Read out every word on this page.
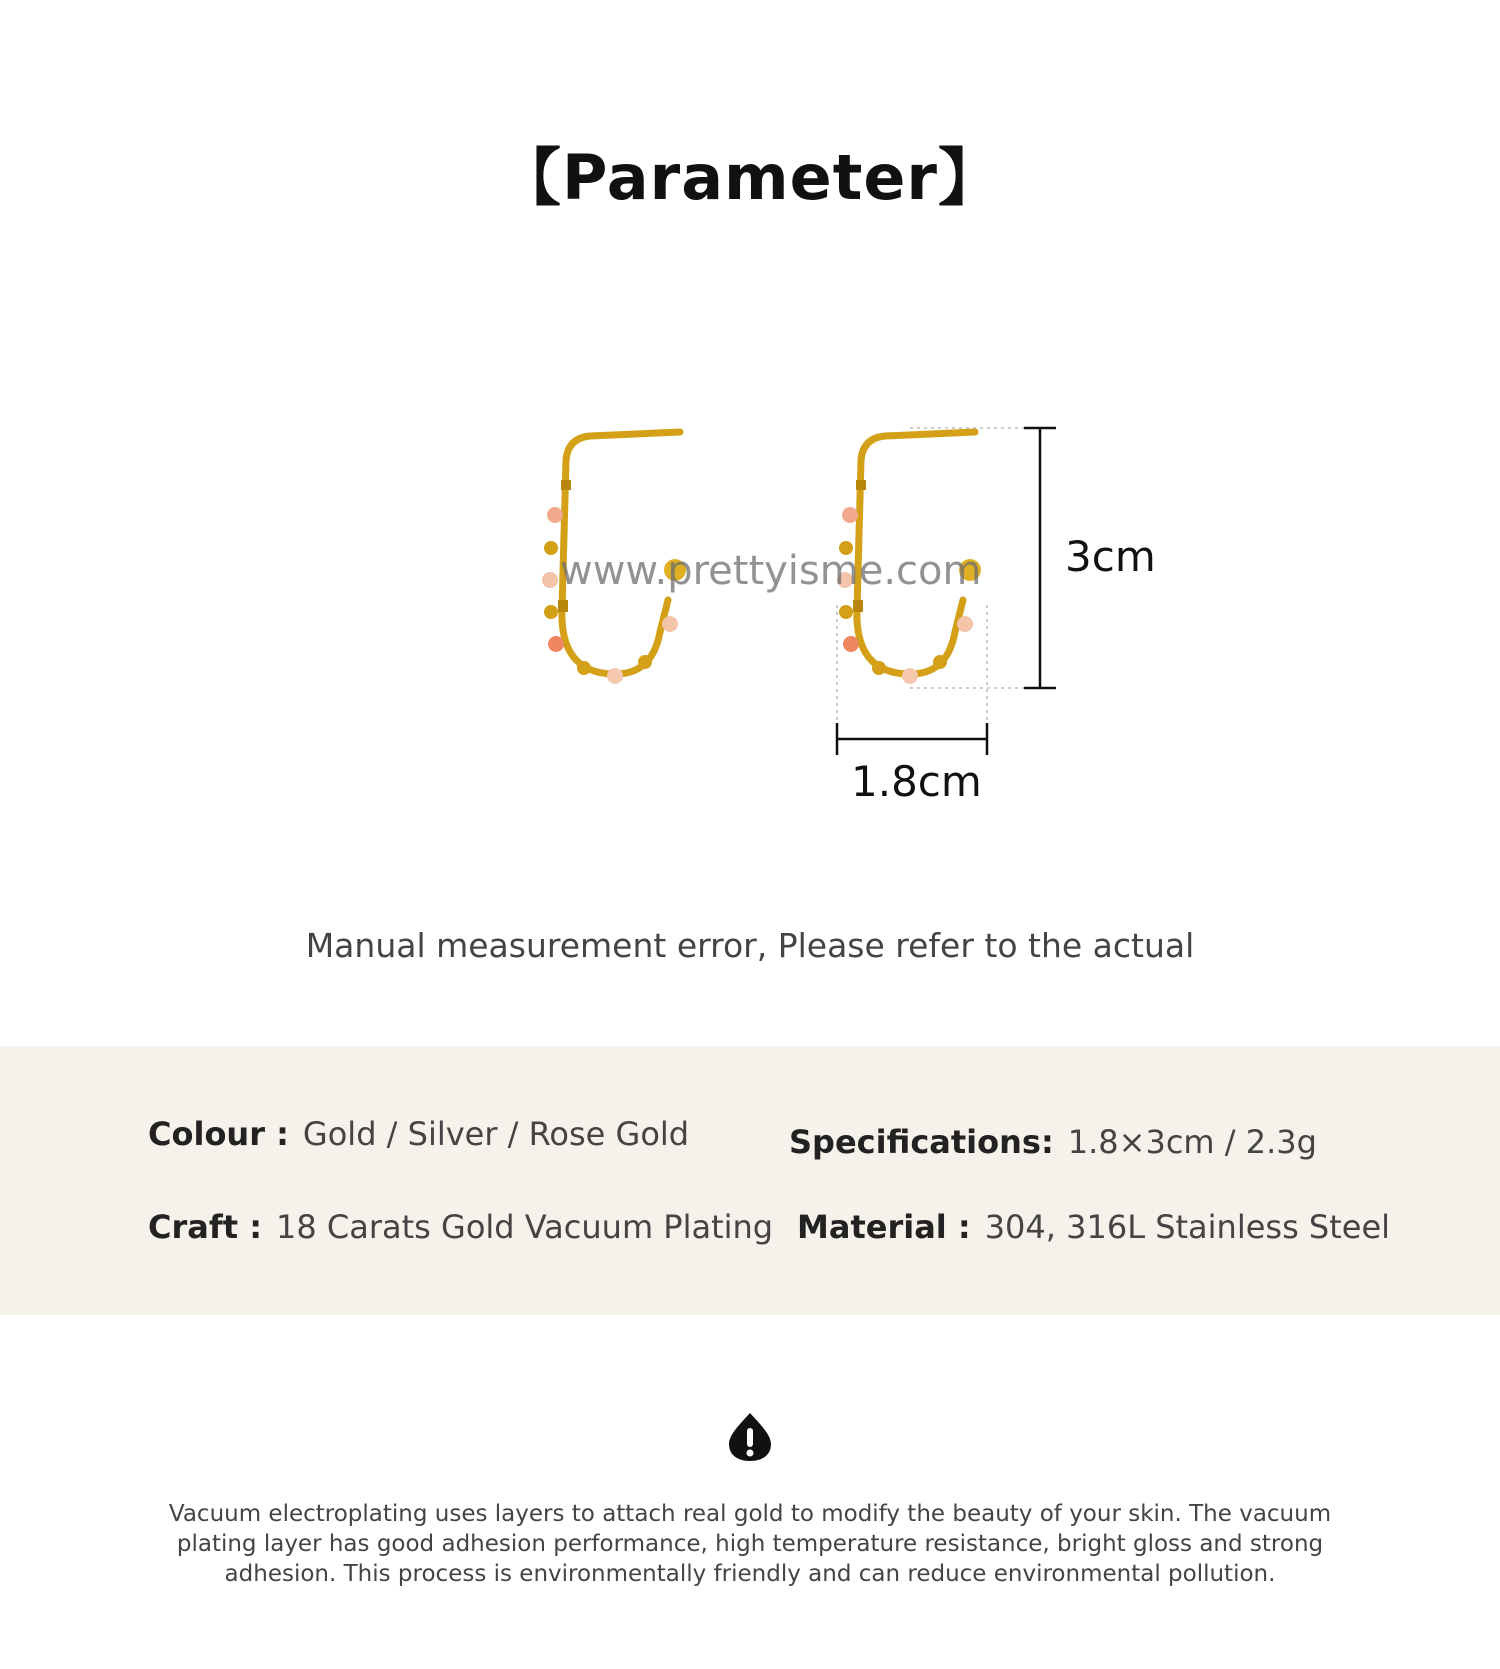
【Parameter】
www.prettyisme.com 3cm
1.8cm
Manual measurement error, Please refer to the actual
Colour : Gold / Silver / Rose Gold	Specifications: 1.8×3cm / 2.3g
Craft : 18 Carats Gold Vacuum Plating Material : 304, 316L Stainless Steel
Vacuum electroplating uses layers to attach real gold to modify the beauty of your skin. The vacuum plating layer has good adhesion performance, high temperature resistance, bright gloss and strong adhesion. This process is environmentally friendly and can reduce environmental pollution.
